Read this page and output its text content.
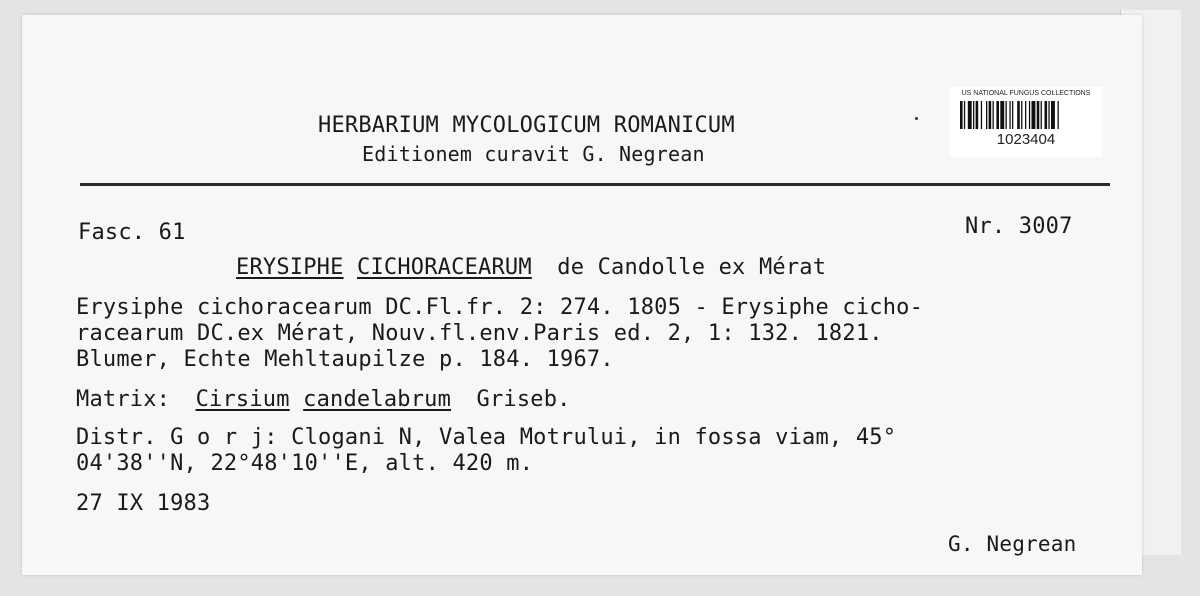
HERBARIUM MYCOLOGICUM ROMANICUM
Editionem curavit G. Negrean
US NATIONAL FUNGUS COLLECTIONS
1023404
Fasc. 61	Nr. 3007
ERYSIPHE CICHORACEARUM de Candolle ex Mérat
Erysiphe cichoracearum DC.Fl.fr. 2: 274. 1805 - Erysiphe cicho-
racearum DC.ex Mérat, Nouv.fl.env.Paris ed. 2, 1: 132. 1821.
Blumer, Echte Mehltaupilze p. 184. 1967.
Matrix: Cirsium candelabrum Griseb.
Distr. G o r j: Clogani N, Valea Motrului, in fossa viam, 45°
04'38''N, 22°48'10''E, alt. 420 m.
27 IX 1983
G. Negrean
